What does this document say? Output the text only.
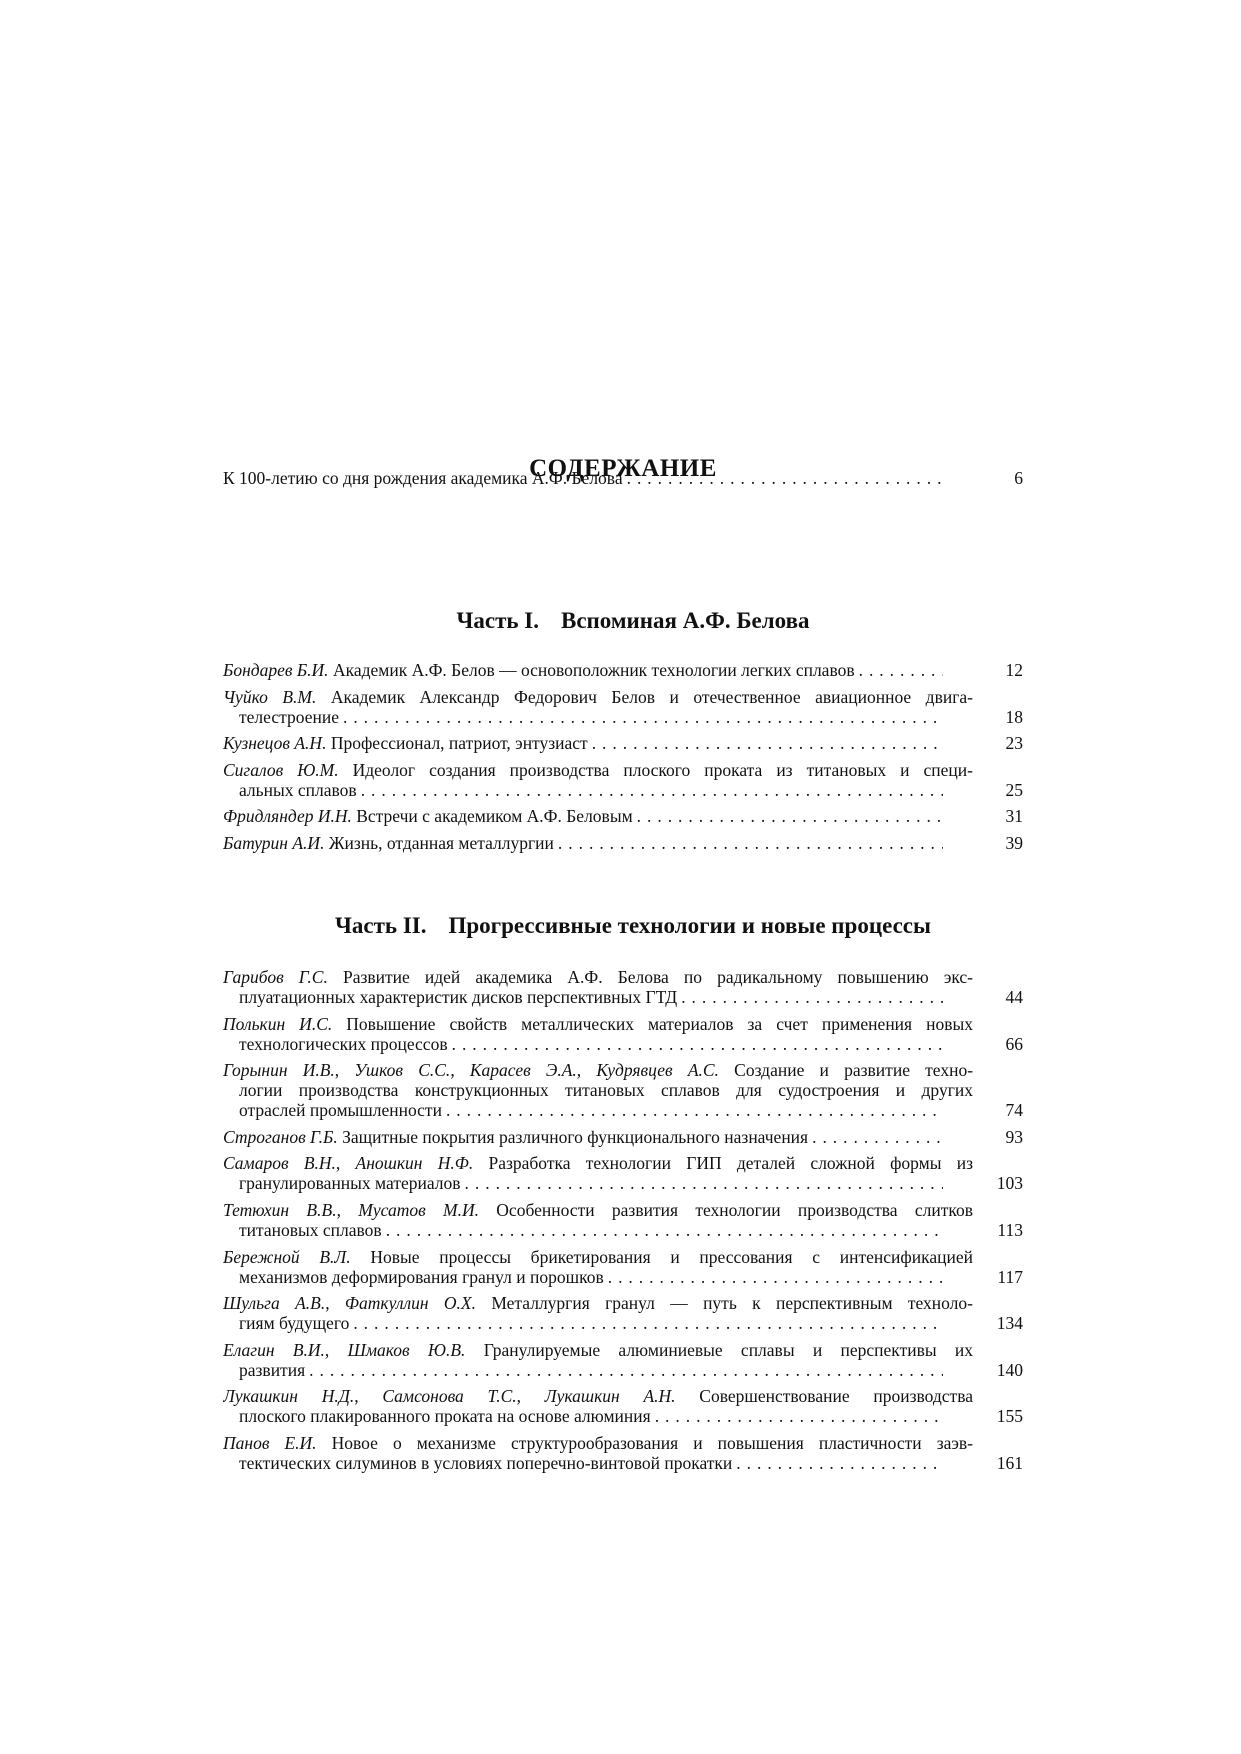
СОДЕРЖАНИЕ
К 100-летию со дня рождения академика А.Ф. Белова . . .	6
Часть I. Вспоминая А.Ф. Белова
Бондарев Б.И. Академик А.Ф. Белов — основоположник технологии легких сплавов . . .	12
Чуйко В.М. Академик Александр Федорович Белов и отечественное авиационное двига-
телестроение . . .	18
Кузнецов А.Н. Профессионал, патриот, энтузиаст . . .	23
Сигалов Ю.М. Идеолог создания производства плоского проката из титановых и специ-
альных сплавов . . .	25
Фридляндер И.Н. Встречи с академиком А.Ф. Беловым . . .	31
Батурин А.И. Жизнь, отданная металлургии . . .	39
Часть II. Прогрессивные технологии и новые процессы
Гарибов Г.С. Развитие идей академика А.Ф. Белова по радикальному повышению экс-
плуатационных характеристик дисков перспективных ГТД . . .	44
Полькин И.С. Повышение свойств металлических материалов за счет применения новых
технологических процессов . . .	66
Горынин И.В., Ушков С.С., Карасев Э.А., Кудрявцев А.С. Создание и развитие техно-
логии производства конструкционных титановых сплавов для судостроения и других
отраслей промышленности . . .	74
Строганов Г.Б. Защитные покрытия различного функционального назначения . . .	93
Самаров В.Н., Аношкин Н.Ф. Разработка технологии ГИП деталей сложной формы из
гранулированных материалов . . .	103
Тетюхин В.В., Мусатов М.И. Особенности развития технологии производства слитков
титановых сплавов . . .	113
Бережной В.Л. Новые процессы брикетирования и прессования с интенсификацией
механизмов деформирования гранул и порошков . . .	117
Шульга А.В., Фаткуллин О.Х. Металлургия гранул — путь к перспективным техноло-
гиям будущего . . .	134
Елагин В.И., Шмаков Ю.В. Гранулируемые алюминиевые сплавы и перспективы их
развития . . .	140
Лукашкин Н.Д., Самсонова Т.С., Лукашкин А.Н. Совершенствование производства
плоского плакированного проката на основе алюминия . . .	155
Панов Е.И. Новое о механизме структурообразования и повышения пластичности заэв-
тектических силуминов в условиях поперечно-винтовой прокатки . . .	161
